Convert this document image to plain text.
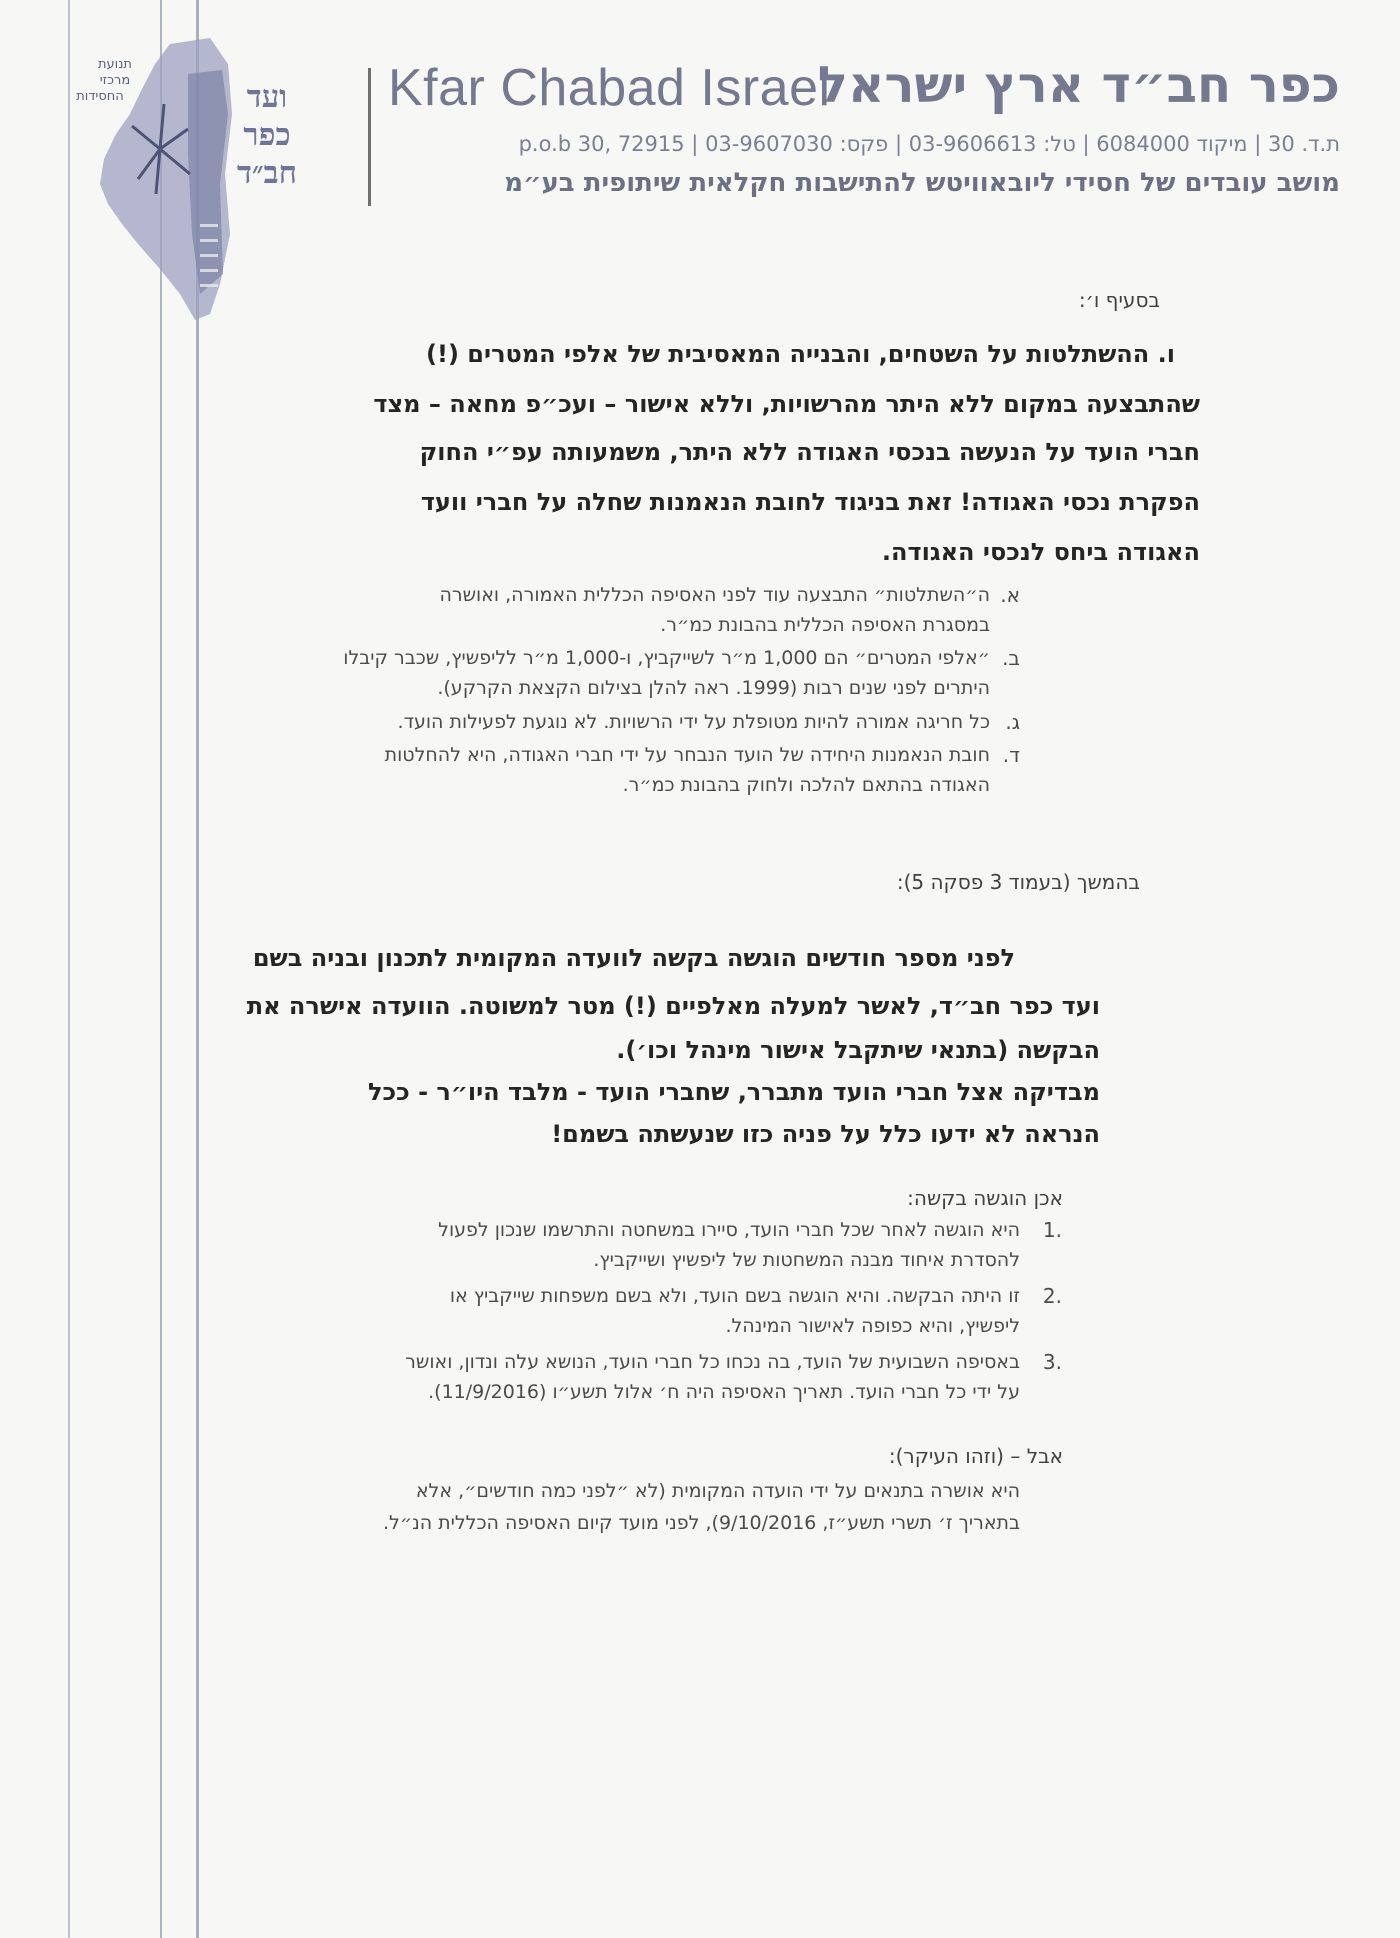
תנועת
מרכזי
החסידות	ועד
כפר
חב״ד
Kfar Chabad Israel
כפר חב״ד ארץ ישראל
ת.ד. 30 | מיקוד 6084000 | טל: 03-9606613 | פקס: 03-9607030 | p.o.b 30, 72915
מושב עובדים של חסידי ליובאוויטש להתישבות חקלאית שיתופית בע״מ
בסעיף ו׳:
ו. ההשתלטות על השטחים, והבנייה המאסיבית של אלפי המטרים (!)
שהתבצעה במקום ללא היתר מהרשויות, וללא אישור – ועכ״פ מחאה – מצד
חברי הועד על הנעשה בנכסי האגודה ללא היתר, משמעותה עפ״י החוק
הפקרת נכסי האגודה! זאת בניגוד לחובת הנאמנות שחלה על חברי וועד
האגודה ביחס לנכסי האגודה.
א.
ה״השתלטות״ התבצעה עוד לפני האסיפה הכללית האמורה, ואושרה
במסגרת האסיפה הכללית בהבונת כמ״ר.
ב.
״אלפי המטרים״ הם 1,000 מ״ר לשייקביץ, ו-1,000 מ״ר לליפשיץ, שכבר קיבלו
היתרים לפני שנים רבות (1999. ראה להלן בצילום הקצאת הקרקע).
ג.
כל חריגה אמורה להיות מטופלת על ידי הרשויות. לא נוגעת לפעילות הועד.
ד.
חובת הנאמנות היחידה של הועד הנבחר על ידי חברי האגודה, היא להחלטות
האגודה בהתאם להלכה ולחוק בהבונת כמ״ר.
בהמשך (בעמוד 3 פסקה 5):
לפני מספר חודשים הוגשה בקשה לוועדה המקומית לתכנון ובניה בשם
ועד כפר חב״ד, לאשר למעלה מאלפיים (!) מטר למשוטה. הוועדה אישרה את
הבקשה (בתנאי שיתקבל אישור מינהל וכו׳).
מבדיקה אצל חברי הועד מתברר, שחברי הועד - מלבד היו״ר - ככל
הנראה לא ידעו כלל על פניה כזו שנעשתה בשמם!
אכן הוגשה בקשה:
.1
היא הוגשה לאחר שכל חברי הועד, סיירו במשחטה והתרשמו שנכון לפעול
להסדרת איחוד מבנה המשחטות של ליפשיץ ושייקביץ.
.2
זו היתה הבקשה. והיא הוגשה בשם הועד, ולא בשם משפחות שייקביץ או
ליפשיץ, והיא כפופה לאישור המינהל.
.3
באסיפה השבועית של הועד, בה נכחו כל חברי הועד, הנושא עלה ונדון, ואושר
על ידי כל חברי הועד. תאריך האסיפה היה ח׳ אלול תשע״ו (11/9/2016).
אבל – (וזהו העיקר):
היא אושרה בתנאים על ידי הועדה המקומית (לא ״לפני כמה חודשים״, אלא
בתאריך ז׳ תשרי תשע״ז, 9/10/2016), לפני מועד קיום האסיפה הכללית הנ״ל.
